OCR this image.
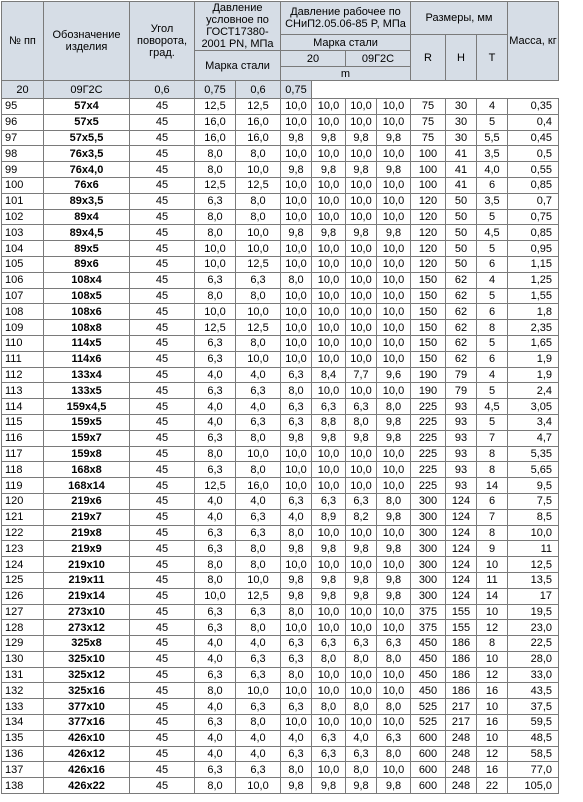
№ пп	Обозначение изделия	Угол поворота, град.	Давление условное по ГОСТ17380-2001 PN, МПа		Давление рабочее по СНиП2.05.06-85 P, МПа				Размеры, мм			Масса, кг
					Марка стали				R	H	T	
			Марка стали		20		09Г2С					
					m							
20	09Г2С	0,6	0,75	0,6	0,75							
95	57x4	45	12,5	12,5	10,0	10,0	10,0	10,0	75	30	4	0,35
96	57x5	45	16,0	16,0	10,0	10,0	10,0	10,0	75	30	5	0,4
97	57x5,5	45	16,0	16,0	9,8	9,8	9,8	9,8	75	30	5,5	0,45
98	76x3,5	45	8,0	8,0	10,0	10,0	10,0	10,0	100	41	3,5	0,5
99	76x4,0	45	8,0	10,0	9,8	9,8	9,8	9,8	100	41	4,0	0,55
100	76x6	45	12,5	12,5	10,0	10,0	10,0	10,0	100	41	6	0,85
101	89x3,5	45	6,3	8,0	10,0	10,0	10,0	10,0	120	50	3,5	0,7
102	89x4	45	8,0	8,0	10,0	10,0	10,0	10,0	120	50	5	0,75
103	89x4,5	45	8,0	10,0	9,8	9,8	9,8	9,8	120	50	4,5	0,85
104	89x5	45	10,0	10,0	10,0	10,0	10,0	10,0	120	50	5	0,95
105	89x6	45	10,0	12,5	10,0	10,0	10,0	10,0	120	50	6	1,15
106	108x4	45	6,3	6,3	8,0	10,0	10,0	10,0	150	62	4	1,25
107	108x5	45	8,0	8,0	10,0	10,0	10,0	10,0	150	62	5	1,55
108	108x6	45	10,0	10,0	10,0	10,0	10,0	10,0	150	62	6	1,8
109	108x8	45	12,5	12,5	10,0	10,0	10,0	10,0	150	62	8	2,35
110	114x5	45	6,3	8,0	10,0	10,0	10,0	10,0	150	62	5	1,65
111	114x6	45	6,3	10,0	10,0	10,0	10,0	10,0	150	62	6	1,9
112	133x4	45	4,0	4,0	6,3	8,4	7,7	9,6	190	79	4	1,9
113	133x5	45	6,3	6,3	8,0	10,0	10,0	10,0	190	79	5	2,4
114	159x4,5	45	4,0	4,0	6,3	6,3	6,3	8,0	225	93	4,5	3,05
115	159x5	45	4,0	6,3	6,3	8,8	8,0	9,8	225	93	5	3,4
116	159x7	45	6,3	8,0	9,8	9,8	9,8	9,8	225	93	7	4,7
117	159x8	45	8,0	10,0	10,0	10,0	10,0	10,0	225	93	8	5,35
118	168x8	45	6,3	8,0	10,0	10,0	10,0	10,0	225	93	8	5,65
119	168x14	45	12,5	16,0	10,0	10,0	10,0	10,0	225	93	14	9,5
120	219x6	45	4,0	4,0	6,3	6,3	6,3	8,0	300	124	6	7,5
121	219x7	45	4,0	6,3	4,0	8,9	8,2	9,8	300	124	7	8,5
122	219x8	45	6,3	6,3	8,0	10,0	10,0	10,0	300	124	8	10,0
123	219x9	45	6,3	8,0	9,8	9,8	9,8	9,8	300	124	9	11
124	219x10	45	8,0	8,0	10,0	10,0	10,0	10,0	300	124	10	12,5
125	219x11	45	8,0	10,0	9,8	9,8	9,8	9,8	300	124	11	13,5
126	219x14	45	10,0	12,5	9,8	9,8	9,8	9,8	300	124	14	17
127	273x10	45	6,3	6,3	8,0	10,0	10,0	10,0	375	155	10	19,5
128	273x12	45	6,3	8,0	10,0	10,0	10,0	10,0	375	155	12	23,0
129	325x8	45	4,0	4,0	6,3	6,3	6,3	6,3	450	186	8	22,5
130	325x10	45	4,0	6,3	6,3	8,0	8,0	8,0	450	186	10	28,0
131	325x12	45	6,3	6,3	8,0	10,0	10,0	10,0	450	186	12	33,0
132	325x16	45	8,0	10,0	10,0	10,0	10,0	10,0	450	186	16	43,5
133	377x10	45	4,0	6,3	6,3	8,0	8,0	8,0	525	217	10	37,5
134	377x16	45	6,3	8,0	10,0	10,0	10,0	10,0	525	217	16	59,5
135	426x10	45	4,0	4,0	4,0	6,3	4,0	6,3	600	248	10	48,5
136	426x12	45	4,0	4,0	6,3	6,3	6,3	8,0	600	248	12	58,5
137	426x16	45	6,3	6,3	8,0	10,0	8,0	10,0	600	248	16	77,0
138	426x22	45	8,0	10,0	9,8	9,8	9,8	9,8	600	248	22	105,0
